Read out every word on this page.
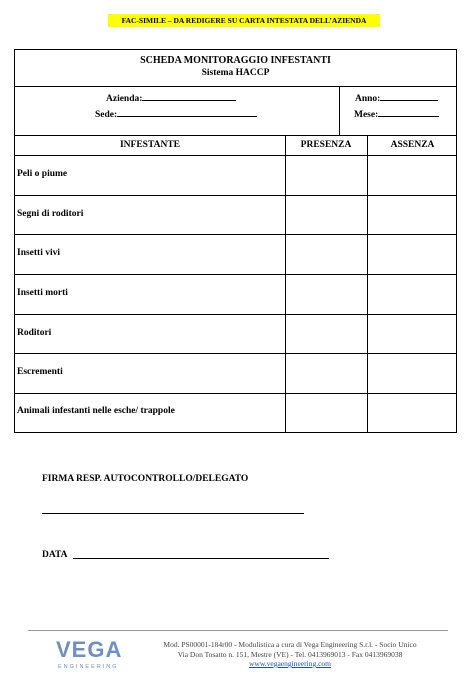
FAC-SIMILE – DA REDIGERE SU CARTA INTESTATA DELL’AZIENDA
SCHEDA MONITORAGGIO INFESTANTI
Sistema HACCP
Azienda:
Sede:
Anno:
Mese:
INFESTANTE	PRESENZA	ASSENZA
Peli o piume
Segni di roditori
Insetti vivi
Insetti morti
Roditori
Escrementi
Animali infestanti nelle esche/ trappole
FIRMA RESP. AUTOCONTROLLO/DELEGATO
DATA
VEGA
ENGINEERING
Mod. PS00001-184r00 - Modulistica a cura di Vega Engineering S.r.l. - Socio Unico
Via Don Tosatto n. 151, Mestre (VE) - Tel. 0413969013 - Fax 0413969038
www.vegaengineering.com
